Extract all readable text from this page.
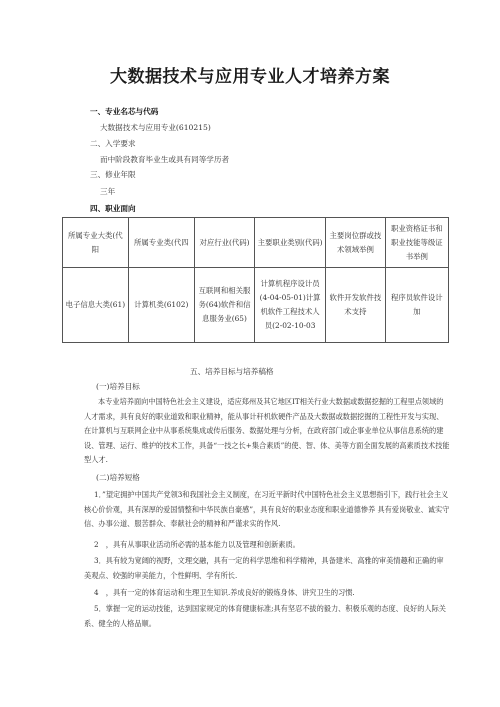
大数据技术与应用专业人才培养方案
一、专业名芯与代码
大数据技术与应用专业(610215)
二、入学要求
而中阶段教育毕业生或具有同等学历者
三、修业年限
三年
四、职业面向
所属专业大类(代阳	所属专业类(代四	对应行业(代码)	主要职业类别(代码)	主要岗位群或技术领域举例	职业资格证书和职业技能等级证书举例
电子信息大类(61)	计算机类(6102)	互联网和相关服务(64)软件和信息服务业(65)	计算机程序设计员(4-04-05-01)计算机软件工程技术人员(2-02-10-03	软件开发软件技术支持	程序员软件设计加
五、培养目标与培养稿格
(一)培养目标

本专业培养面向中国特色社会主义建设，适应郑州及其它地区IT相关行业大数据或数据挖掘的工程里点领域的人才需求，具有良好的职业道致和职业精神，能从事计秆机软硬件产品及大数据或数据挖掘的工程性开发与实现、在计算机与互联网企业中从事系统集成或传后服务、数据处理与分析，在政府部门或企事业单位从事信息系统的建设、管理、运行、维护的技术工作，具备“一技之长+集合素质”的使、智、体、美等方面全面发展的高素质技术技能型人才.

(二)培养短格

1．”望定拥护中国共产党领3和我国社会主义制度，在习近平新时代中国特色社会主义思想指引下，践行社会主义核心价价观，具有深厚的爱国情整和中华民族自豪感”，具有良好的职业态度和职业道德惨养 具有爱岗敬业、诚实守信、办事公道、服苦群众、奉献社会的精神和严谨求实的作风.

2　，具有从事职业活动所必需的基本能力以及管理和创新素质。

3．具有较为宽阔的视野，文理交融，具有一定的科学思维和科学精神，具备建米、高雅的审美情趣和正确的审美观点、较强的审美能力，个性鲜明、学有所长.

4　，具有一定的体育运动和生理卫生知识.养成良好的锻炼身体、讲究卫生的习惯.

5．掌握一定的运动技能，达到国家规定的体育健康标准;具有坚忍不拔的毅力、积极乐观的态度、良好的人际关系、健全的人格品顺。
